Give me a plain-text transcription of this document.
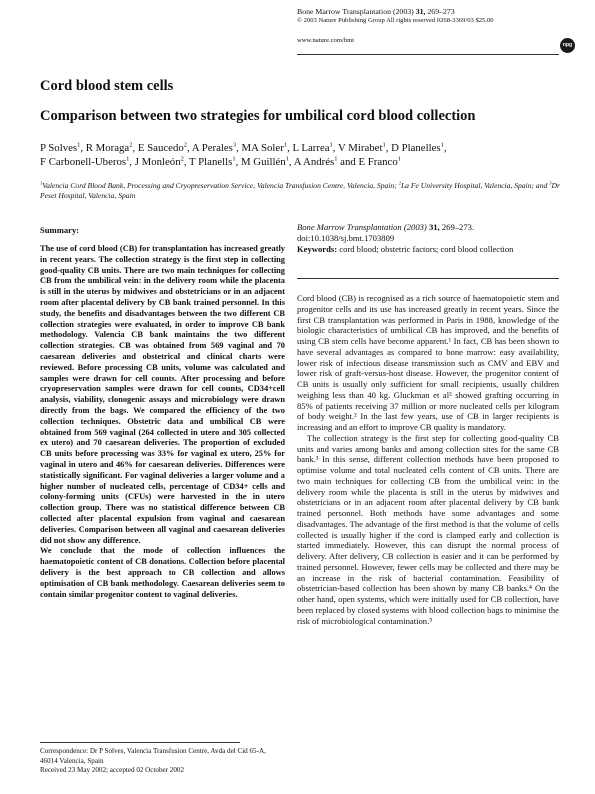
Bone Marrow Transplantation (2003) 31, 269–273
© 2003 Nature Publishing Group All rights reserved 0268-3369/03 $25.00
www.nature.com/bmt
npg
Cord blood stem cells
Comparison between two strategies for umbilical cord blood collection
P Solves$^1$, R Moraga$^2$, E Saucedo$^2$, A Perales$^3$, MA Soler$^1$, L Larrea$^1$, V Mirabet$^1$, D Planelles$^1$,
F Carbonell-Uberos$^1$, J Monleón$^2$, T Planells$^1$, M Guillén$^1$, A Andrés$^1$ and E Franco$^1$
$^1$Valencia Cord Blood Bank, Processing and Cryopreservation Service, Valencia Transfusion Centre, Valencia, Spain; $^2$La Fe University Hospital, Valencia, Spain; and $^3$Dr Peset Hospital, Valencia, Spain
Summary:

The use of cord blood (CB) for transplantation has increased greatly in recent years. The collection strategy is the first step in collecting good-quality CB units. There are two main techniques for collecting CB from the umbilical vein: in the delivery room while the placenta is still in the uterus by midwives and obstetricians or in an adjacent room after placental delivery by CB bank trained personnel. In this study, the benefits and disadvantages between the two different CB collection strategies were evaluated, in order to improve CB bank methodology. Valencia CB bank maintains the two different collection strategies. CB was obtained from 569 vaginal and 70 caesarean deliveries and obstetrical and clinical charts were reviewed. Before processing CB units, volume was calculated and samples were drawn for cell counts. After processing and before cryopreservation samples were drawn for cell counts, CD34+cell analysis, viability, clonogenic assays and microbiology were drawn directly from the bags. We compared the efficiency of the two collection techniques. Obstetric data and umbilical CB were obtained from 569 vaginal (264 collected in utero and 305 collected ex utero) and 70 caesarean deliveries. The proportion of excluded CB units before processing was 33% for vaginal ex utero, 25% for vaginal in utero and 46% for caesarean deliveries. Differences were statistically significant. For vaginal deliveries a larger volume and a higher number of nucleated cells, percentage of CD34+ cells and colony-forming units (CFUs) were harvested in the in utero collection group. There was no statistical difference between CB collected after placental expulsion from vaginal and caesarean deliveries. Comparison between all vaginal and caesarean deliveries did not show any difference.

We conclude that the mode of collection influences the haematopoietic content of CB donations. Collection before placental delivery is the best approach to CB collection and allows optimisation of CB bank methodology. Caesarean deliveries seem to contain similar progenitor content to vaginal deliveries.

Bone Marrow Transplantation (2003) 31, 269–273.
doi:10.1038/sj.bmt.1703809
Keywords: cord blood; obstetric factors; cord blood collection

Cord blood (CB) is recognised as a rich source of haematopoietic stem and progenitor cells and its use has increased greatly in recent years. Since the first CB transplantation was performed in Paris in 1988, knowledge of the biologic characteristics of umbilical CB has improved, and the benefits of using CB stem cells have become apparent.¹ In fact, CB has been shown to have several advantages as compared to bone marrow: easy availability, lower risk of infectious disease transmission such as CMV and EBV and lower risk of graft-versus-host disease. However, the progenitor content of CB units is usually only sufficient for small recipients, usually children weighing less than 40 kg. Gluckman et al² showed grafting occurring in 85% of patients receiving 37 million or more nucleated cells per kilogram of body weight.² In the last few years, use of CB in larger recipients is increasing and an effort to improve CB quality is mandatory.

The collection strategy is the first step for collecting good-quality CB units and varies among banks and among collection sites for the same CB bank.³ In this sense, different collection methods have been proposed to optimise volume and total nucleated cells content of CB units. There are two main techniques for collecting CB from the umbilical vein: in the delivery room while the placenta is still in the uterus by midwives and obstetricians or in an adjacent room after placental delivery by CB bank trained personnel. Both methods have some advantages and some disadvantages. The advantage of the first method is that the volume of cells collected is usually higher if the cord is clamped early and collection is started immediately. However, this can disrupt the normal process of delivery. After delivery, CB collection is easier and it can be performed by trained personnel. However, fewer cells may be collected and there may be an increase in the risk of bacterial contamination. Feasibility of obstetrician-based collection has been shown by many CB banks.⁴ On the other hand, open systems, which were initially used for CB collection, have been replaced by closed systems with blood collection bags to minimise the risk of microbiological contamination.⁵

Correspondence: Dr P Solves, Valencia Transfusion Centre, Avda del Cid 65-A, 46014 Valencia, Spain
Received 23 May 2002; accepted 02 October 2002
